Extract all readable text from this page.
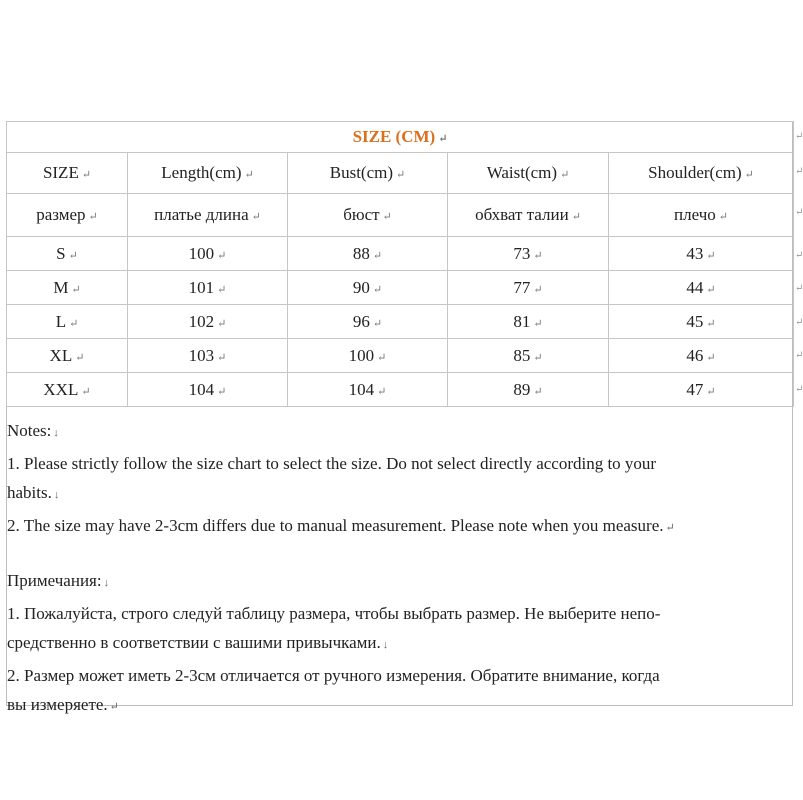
SIZE (CM) ↵				
SIZE ↵	Length(cm) ↵	Bust(cm) ↵	Waist(cm) ↵	Shoulder(cm) ↵
размер ↵	платье длина ↵	бюст ↵	обхват талии ↵	плечо ↵
S ↵	100 ↵	88 ↵	73 ↵	43 ↵
M ↵	101 ↵	90 ↵	77 ↵	44 ↵
L ↵	102 ↵	96 ↵	81 ↵	45 ↵
XL ↵	103 ↵	100 ↵	85 ↵	46 ↵
XXL ↵	104 ↵	104 ↵	89 ↵	47 ↵
↵
↵
↵
↵
↵
↵
↵
↵

Notes: ↓

1. Please strictly follow the size chart to select the size. Do not select directly according to your

habits. ↓

2. The size may have 2-3cm differs due to manual measurement. Please note when you measure. ↵

Примечания: ↓

1. Пожалуйста, строго следуй таблицу размера, чтобы выбрать размер. Не выберите непо-

средственно в соответствии с вашими привычками. ↓

2. Размер может иметь 2-3см отличается от ручного измерения. Обратите внимание, когда

вы измеряете. ↵
